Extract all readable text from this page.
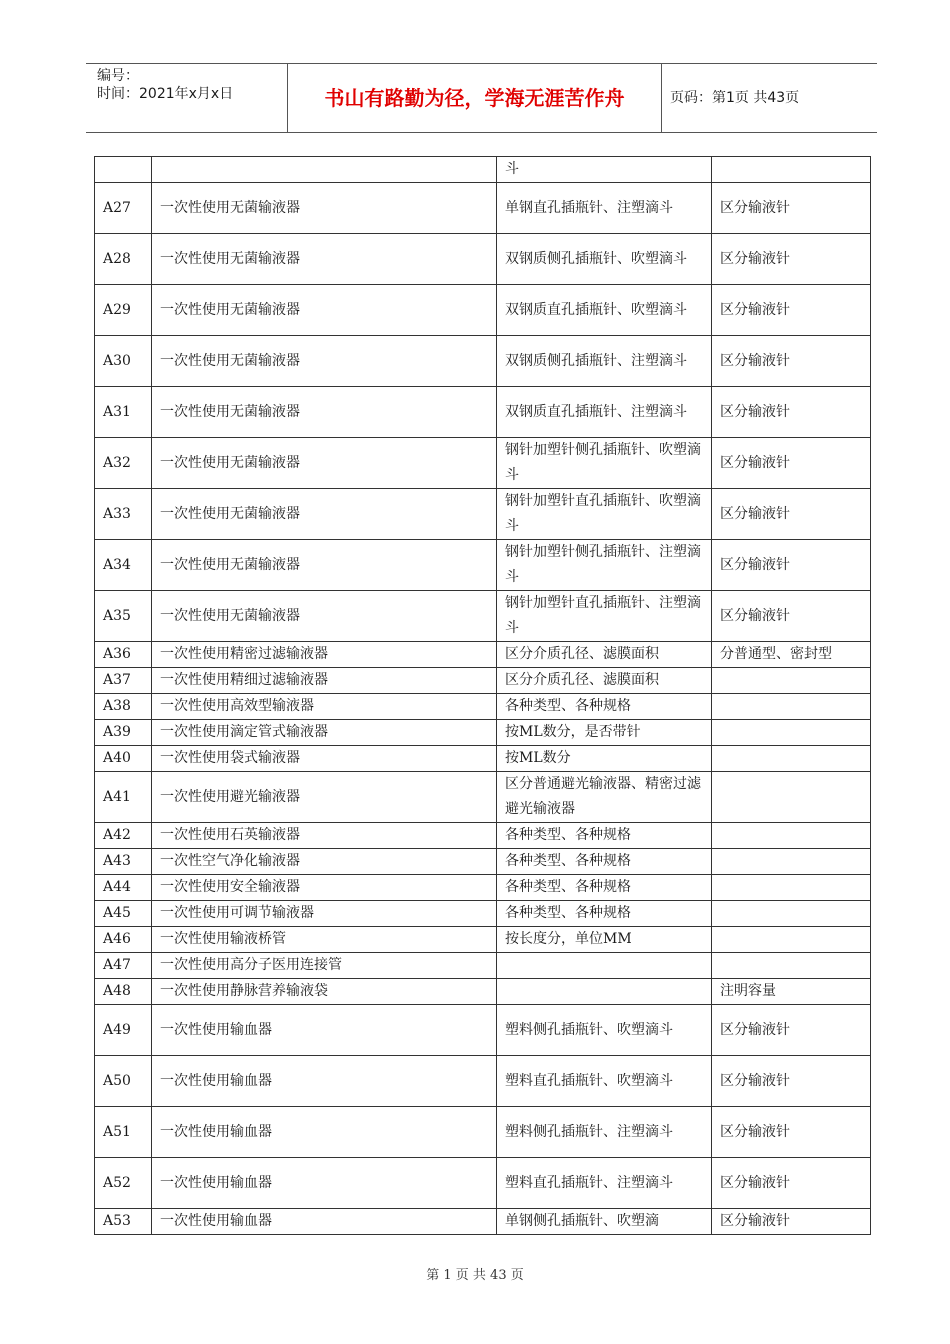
编号：
时间：2021年x月x日	书山有路勤为径，学海无涯苦作舟	页码：第1页 共43页
		斗	
A27	一次性使用无菌输液器	单钢直孔插瓶针、注塑滴斗	区分输液针
A28	一次性使用无菌输液器	双钢质侧孔插瓶针、吹塑滴斗	区分输液针
A29	一次性使用无菌输液器	双钢质直孔插瓶针、吹塑滴斗	区分输液针
A30	一次性使用无菌输液器	双钢质侧孔插瓶针、注塑滴斗	区分输液针
A31	一次性使用无菌输液器	双钢质直孔插瓶针、注塑滴斗	区分输液针
A32	一次性使用无菌输液器	钢针加塑针侧孔插瓶针、吹塑滴斗	区分输液针
A33	一次性使用无菌输液器	钢针加塑针直孔插瓶针、吹塑滴斗	区分输液针
A34	一次性使用无菌输液器	钢针加塑针侧孔插瓶针、注塑滴斗	区分输液针
A35	一次性使用无菌输液器	钢针加塑针直孔插瓶针、注塑滴斗	区分输液针
A36	一次性使用精密过滤输液器	区分介质孔径、滤膜面积	分普通型、密封型
A37	一次性使用精细过滤输液器	区分介质孔径、滤膜面积	
A38	一次性使用高效型输液器	各种类型、各种规格	
A39	一次性使用滴定管式输液器	按ML数分，是否带针	
A40	一次性使用袋式输液器	按ML数分	
A41	一次性使用避光输液器	区分普通避光输液器、精密过滤避光输液器	
A42	一次性使用石英输液器	各种类型、各种规格	
A43	一次性空气净化输液器	各种类型、各种规格	
A44	一次性使用安全输液器	各种类型、各种规格	
A45	一次性使用可调节输液器	各种类型、各种规格	
A46	一次性使用输液桥管	按长度分，单位MM	
A47	一次性使用高分子医用连接管		
A48	一次性使用静脉营养输液袋		注明容量
A49	一次性使用输血器	塑料侧孔插瓶针、吹塑滴斗	区分输液针
A50	一次性使用输血器	塑料直孔插瓶针、吹塑滴斗	区分输液针
A51	一次性使用输血器	塑料侧孔插瓶针、注塑滴斗	区分输液针
A52	一次性使用输血器	塑料直孔插瓶针、注塑滴斗	区分输液针
A53	一次性使用输血器	单钢侧孔插瓶针、吹塑滴	区分输液针
第 1 页 共 43 页
